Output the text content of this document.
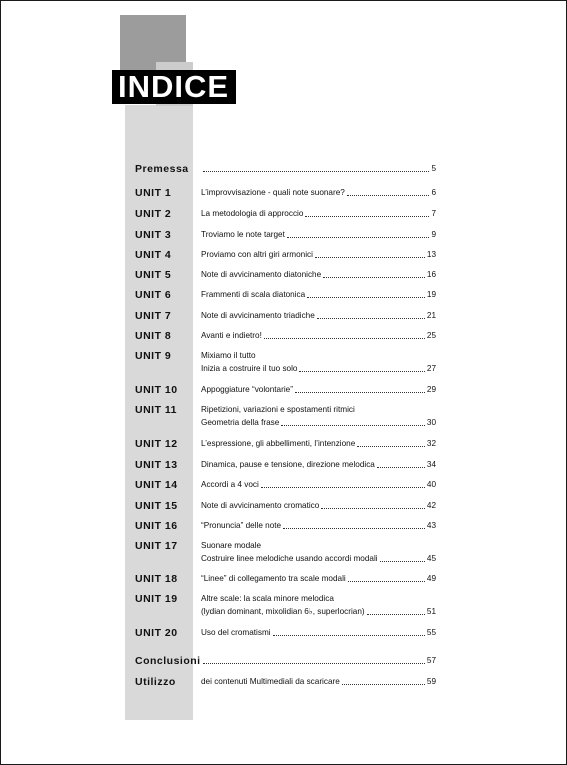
INDICE
Premessa	5
UNIT 1	L’improvvisazione - quali note suonare?	6
UNIT 2	La metodologia di approccio	7
UNIT 3	Troviamo le note target	9
UNIT 4	Proviamo con altri giri armonici	13
UNIT 5	Note di avvicinamento diatoniche	16
UNIT 6	Frammenti di scala diatonica	19
UNIT 7	Note di avvicinamento triadiche	21
UNIT 8	Avanti e indietro!	25
UNIT 9	Mixiamo il tutto
Inizia a costruire il tuo solo	27
UNIT 10	Appoggiature “volontarie”	29
UNIT 11	Ripetizioni, variazioni e spostamenti ritmici
Geometria della frase	30
UNIT 12	L’espressione, gli abbellimenti, l’intenzione	32
UNIT 13	Dinamica, pause e tensione, direzione melodica	34
UNIT 14	Accordi a 4 voci	40
UNIT 15	Note di avvicinamento cromatico	42
UNIT 16	“Pronuncia” delle note	43
UNIT 17	Suonare modale
Costruire linee melodiche usando accordi modali	45
UNIT 18	“Linee” di collegamento tra scale modali	49
UNIT 19	Altre scale: la scala minore melodica
(lydian dominant, mixolidian 6♭, superlocrian)	51
UNIT 20	Uso del cromatismi	55
Conclusioni	57
Utilizzo	dei contenuti Multimediali da scaricare	59
